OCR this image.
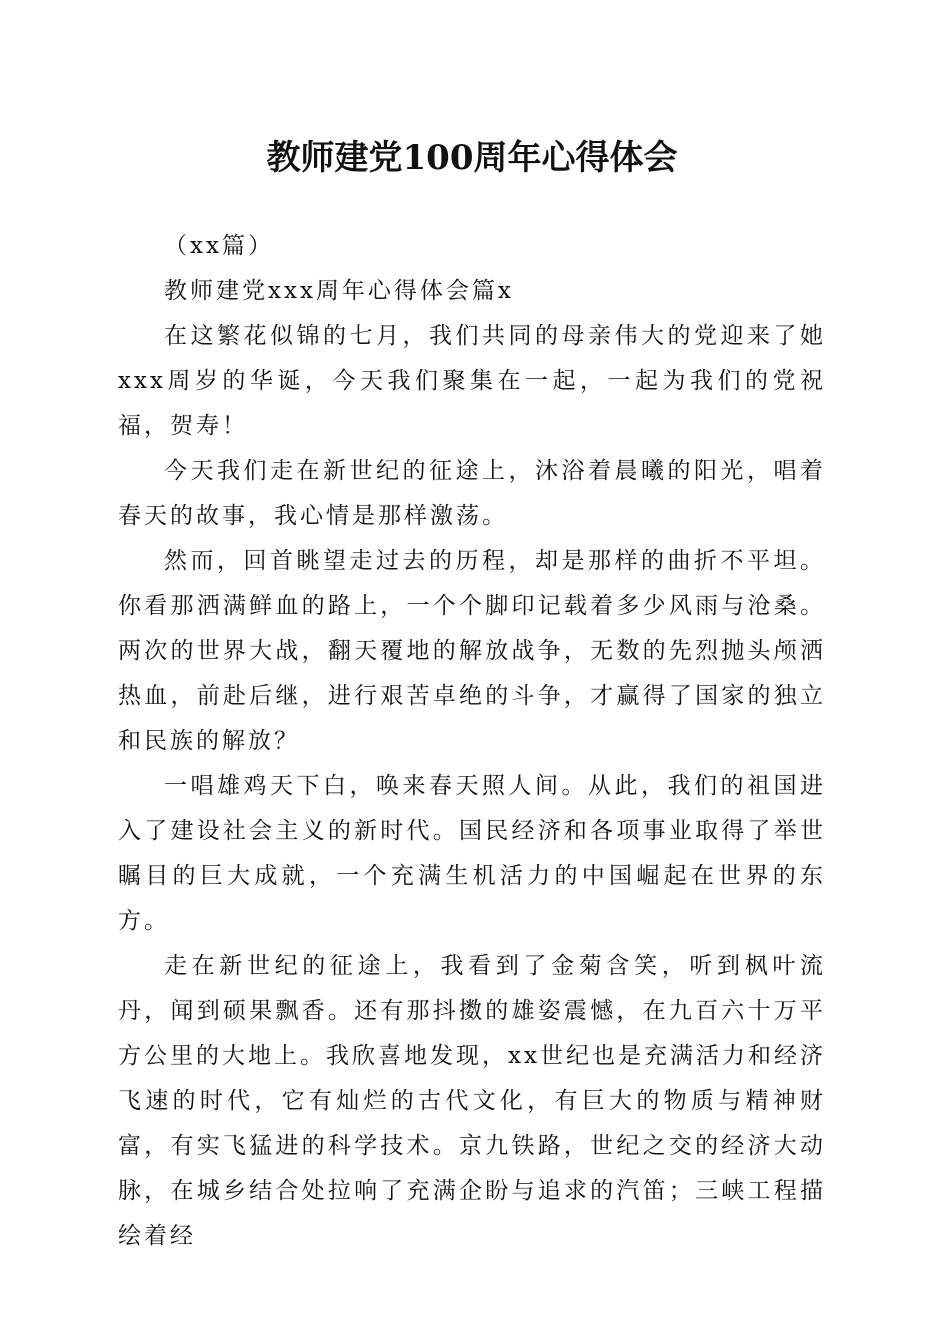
教师建党100周年心得体会

（xx篇）

教师建党xxx周年心得体会篇x

在这繁花似锦的七月，我们共同的母亲伟大的党迎来了她xxx周岁的华诞，今天我们聚集在一起，一起为我们的党祝福，贺寿！

今天我们走在新世纪的征途上，沐浴着晨曦的阳光，唱着春天的故事，我心情是那样激荡。

然而，回首眺望走过去的历程，却是那样的曲折不平坦。你看那洒满鲜血的路上，一个个脚印记载着多少风雨与沧桑。两次的世界大战，翻天覆地的解放战争，无数的先烈抛头颅洒热血，前赴后继，进行艰苦卓绝的斗争，才赢得了国家的独立和民族的解放？

一唱雄鸡天下白，唤来春天照人间。从此，我们的祖国进入了建设社会主义的新时代。国民经济和各项事业取得了举世瞩目的巨大成就，一个充满生机活力的中国崛起在世界的东方。

走在新世纪的征途上，我看到了金菊含笑，听到枫叶流丹，闻到硕果飘香。还有那抖擞的雄姿震憾，在九百六十万平方公里的大地上。我欣喜地发现，xx世纪也是充满活力和经济飞速的时代，它有灿烂的古代文化，有巨大的物质与精神财富，有实飞猛进的科学技术。京九铁路，世纪之交的经济大动脉，在城乡结合处拉响了充满企盼与追求的汽笛；三峡工程描绘着经
